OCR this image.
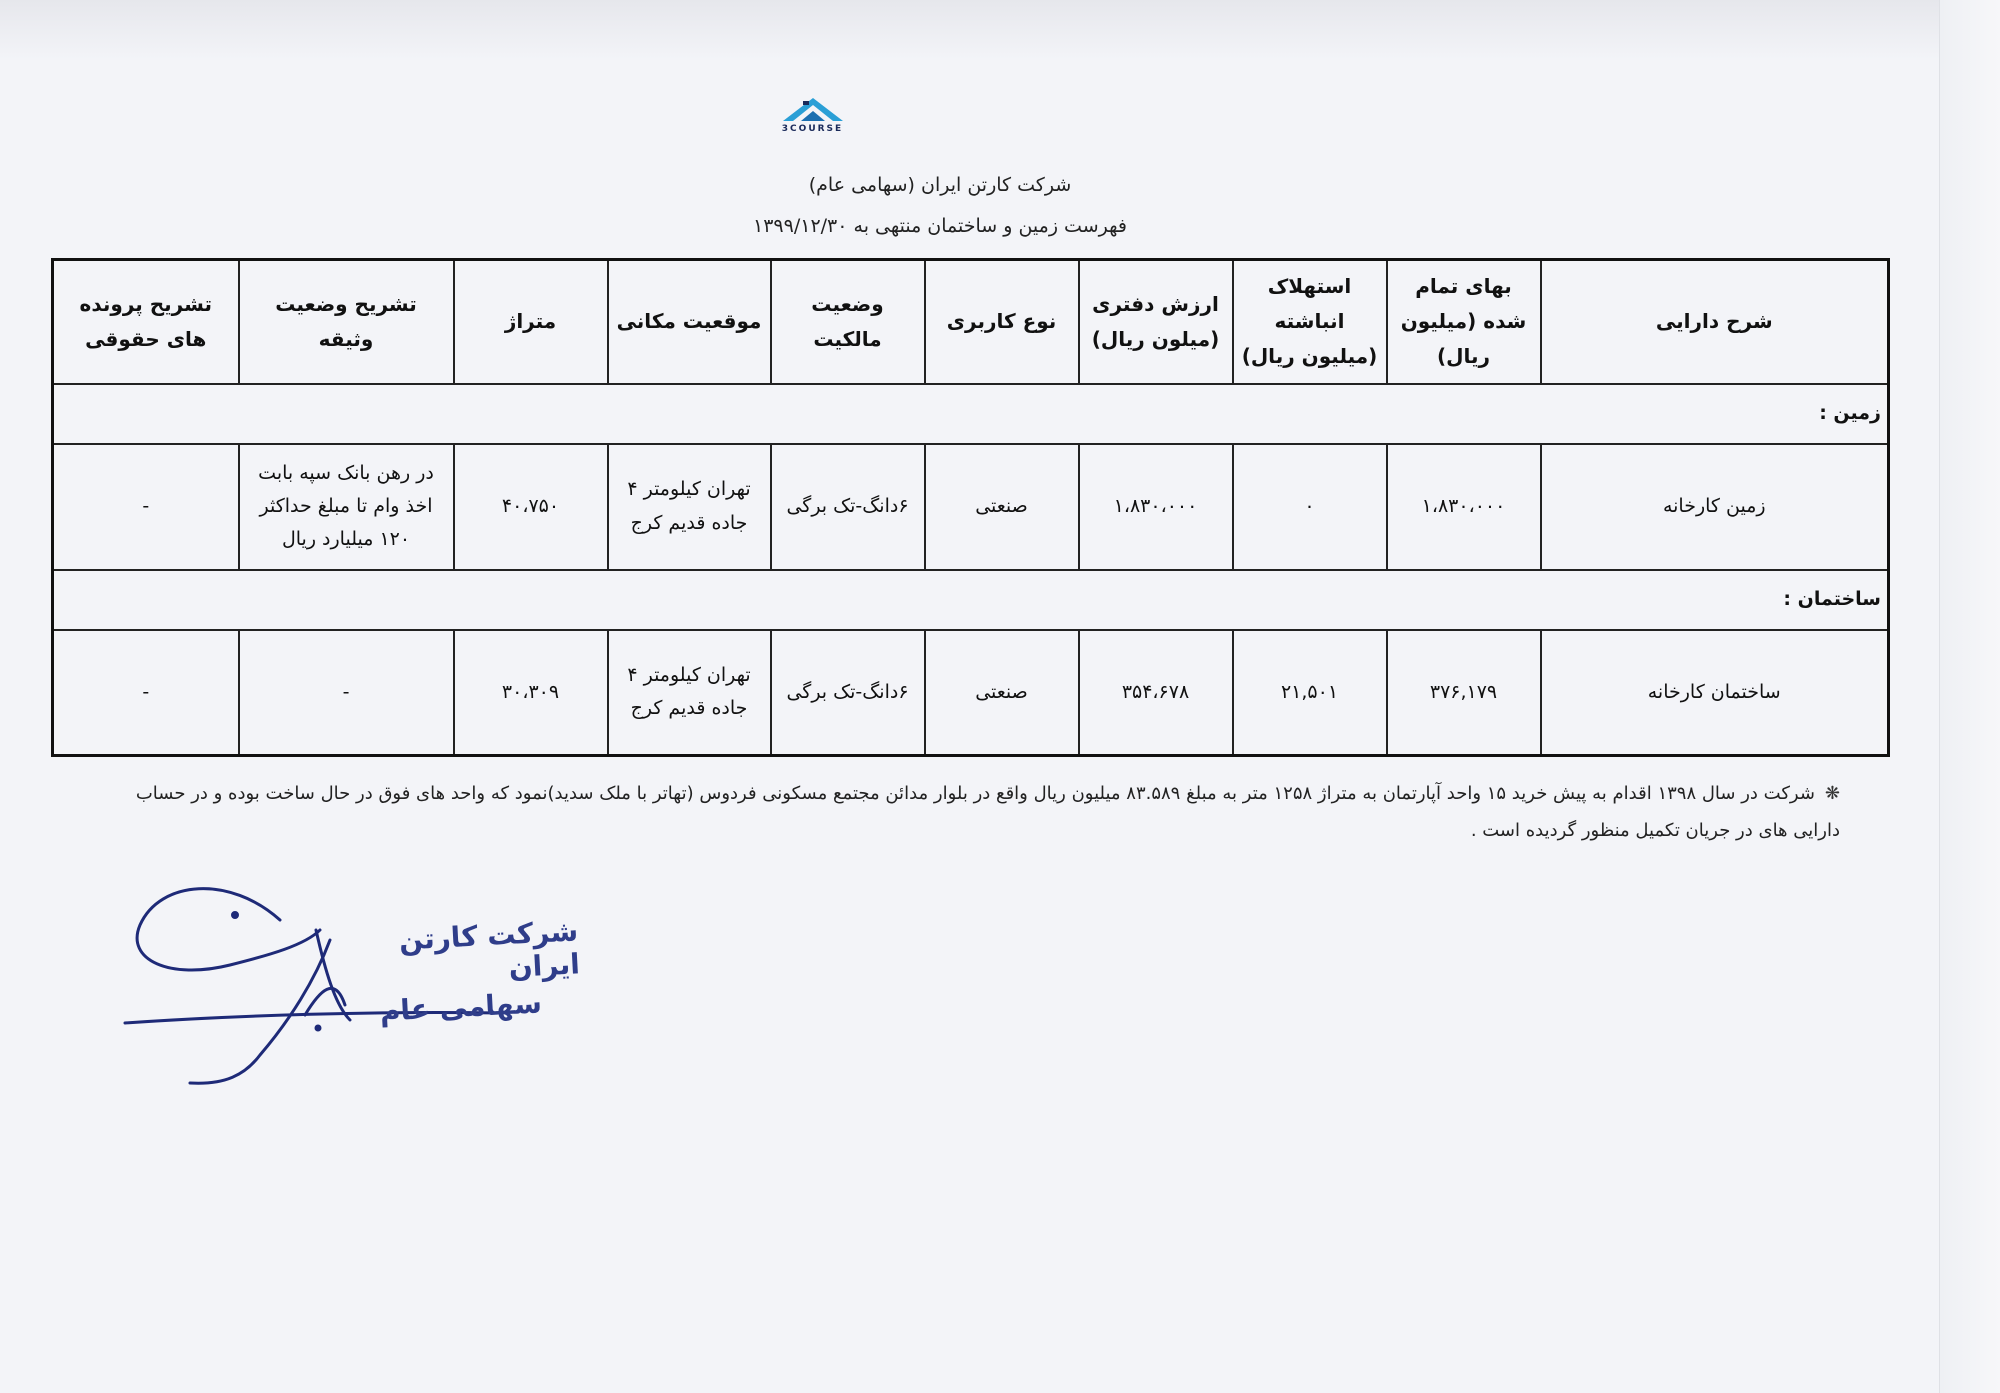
3COURSE
شرکت کارتن ایران (سهامی عام)
فهرست زمین و ساختمان منتهی به ۱۳۹۹/۱۲/۳۰
شرح دارایی	بهای تمام شده (میلیون ریال)	استهلاک انباشته (میلیون ریال)	ارزش دفتری (میلون ریال)	نوع کاربری	وضعیت مالکیت	موقعیت مکانی	متراژ	تشریح وضعیت وثیقه	تشریح پرونده های حقوقی
زمین :									
زمین کارخانه	۱،۸۳۰،۰۰۰	۰	۱،۸۳۰،۰۰۰	صنعتی	۶دانگ-تک برگی	تهران کیلومتر ۴ جاده قدیم کرج	۴۰،۷۵۰	در رهن بانک سپه بابت اخذ وام تا مبلغ حداکثر ۱۲۰ میلیارد ریال	-
ساختمان :									
ساختمان کارخانه	۳۷۶,۱۷۹	۲۱,۵۰۱	۳۵۴،۶۷۸	صنعتی	۶دانگ-تک برگی	تهران کیلومتر ۴ جاده قدیم کرج	۳۰،۳۰۹	-	-
❋شرکت در سال ۱۳۹۸ اقدام به پیش خرید ۱۵ واحد آپارتمان به متراژ ۱۲۵۸ متر به مبلغ ۸۳.۵۸۹ میلیون ریال واقع در بلوار مدائن مجتمع مسکونی فردوس (تهاتر با ملک سدید)نمود که واحد های فوق در حال ساخت بوده و در حساب دارایی های در جریان تکمیل منظور گردیده است .
شرکت کارتن ایران
سهامی عام
